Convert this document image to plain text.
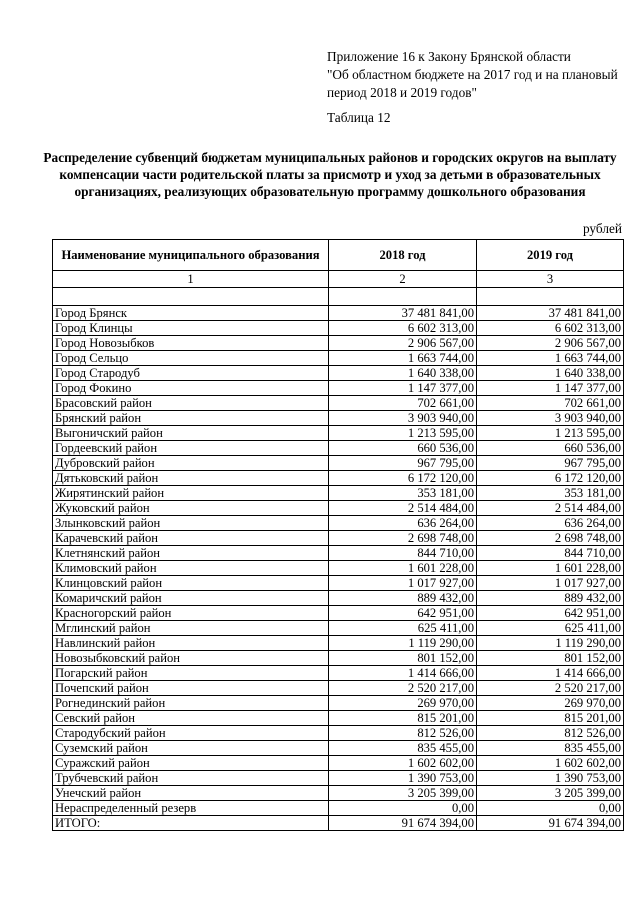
Приложение 16 к Закону Брянской области
"Об областном бюджете на 2017 год и на плановый
период 2018 и 2019 годов"
Таблица 12
Распределение субвенций бюджетам муниципальных районов и городских округов на выплату
компенсации части родительской платы за присмотр и уход за детьми в образовательных
организациях, реализующих образовательную программу дошкольного образования
рублей
Наименование муниципального образования	2018 год	2019 год
1	2	3

Город Брянск	37 481 841,00	37 481 841,00
Город Клинцы	6 602 313,00	6 602 313,00
Город Новозыбков	2 906 567,00	2 906 567,00
Город Сельцо	1 663 744,00	1 663 744,00
Город Стародуб	1 640 338,00	1 640 338,00
Город Фокино	1 147 377,00	1 147 377,00
Брасовский район	702 661,00	702 661,00
Брянский район	3 903 940,00	3 903 940,00
Выгоничский район	1 213 595,00	1 213 595,00
Гордеевский район	660 536,00	660 536,00
Дубровский район	967 795,00	967 795,00
Дятьковский район	6 172 120,00	6 172 120,00
Жирятинский район	353 181,00	353 181,00
Жуковский район	2 514 484,00	2 514 484,00
Злынковский район	636 264,00	636 264,00
Карачевский район	2 698 748,00	2 698 748,00
Клетнянский район	844 710,00	844 710,00
Климовский район	1 601 228,00	1 601 228,00
Клинцовский район	1 017 927,00	1 017 927,00
Комаричский район	889 432,00	889 432,00
Красногорский район	642 951,00	642 951,00
Мглинский район	625 411,00	625 411,00
Навлинский район	1 119 290,00	1 119 290,00
Новозыбковский район	801 152,00	801 152,00
Погарский район	1 414 666,00	1 414 666,00
Почепский район	2 520 217,00	2 520 217,00
Рогнединский район	269 970,00	269 970,00
Севский район	815 201,00	815 201,00
Стародубский район	812 526,00	812 526,00
Суземский район	835 455,00	835 455,00
Суражский район	1 602 602,00	1 602 602,00
Трубчевский район	1 390 753,00	1 390 753,00
Унечский район	3 205 399,00	3 205 399,00
Нераспределенный резерв	0,00	0,00
ИТОГО:	91 674 394,00	91 674 394,00
